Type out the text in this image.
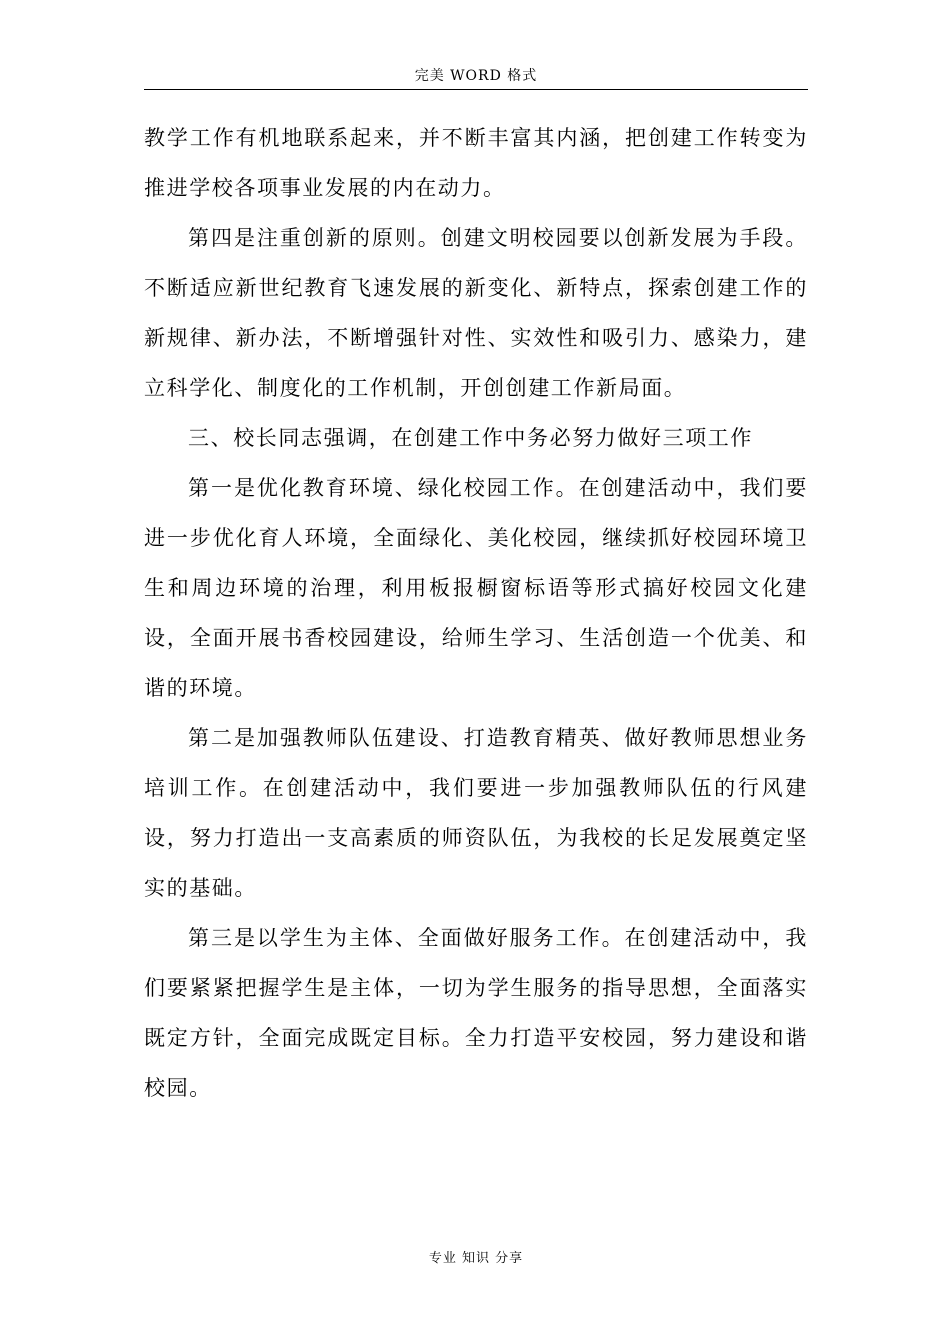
完美 WORD 格式

教学工作有机地联系起来，并不断丰富其内涵，把创建工作转变为推进学校各项事业发展的内在动力。

第四是注重创新的原则。创建文明校园要以创新发展为手段。不断适应新世纪教育飞速发展的新变化、新特点，探索创建工作的新规律、新办法，不断增强针对性、实效性和吸引力、感染力，建立科学化、制度化的工作机制，开创创建工作新局面。

三、校长同志强调，在创建工作中务必努力做好三项工作

第一是优化教育环境、绿化校园工作。在创建活动中，我们要进一步优化育人环境，全面绿化、美化校园，继续抓好校园环境卫生和周边环境的治理，利用板报橱窗标语等形式搞好校园文化建设，全面开展书香校园建设，给师生学习、生活创造一个优美、和谐的环境。

第二是加强教师队伍建设、打造教育精英、做好教师思想业务培训工作。在创建活动中，我们要进一步加强教师队伍的行风建设，努力打造出一支高素质的师资队伍，为我校的长足发展奠定坚实的基础。

第三是以学生为主体、全面做好服务工作。在创建活动中，我们要紧紧把握学生是主体，一切为学生服务的指导思想，全面落实既定方针，全面完成既定目标。全力打造平安校园，努力建设和谐校园。

专业 知识 分享
